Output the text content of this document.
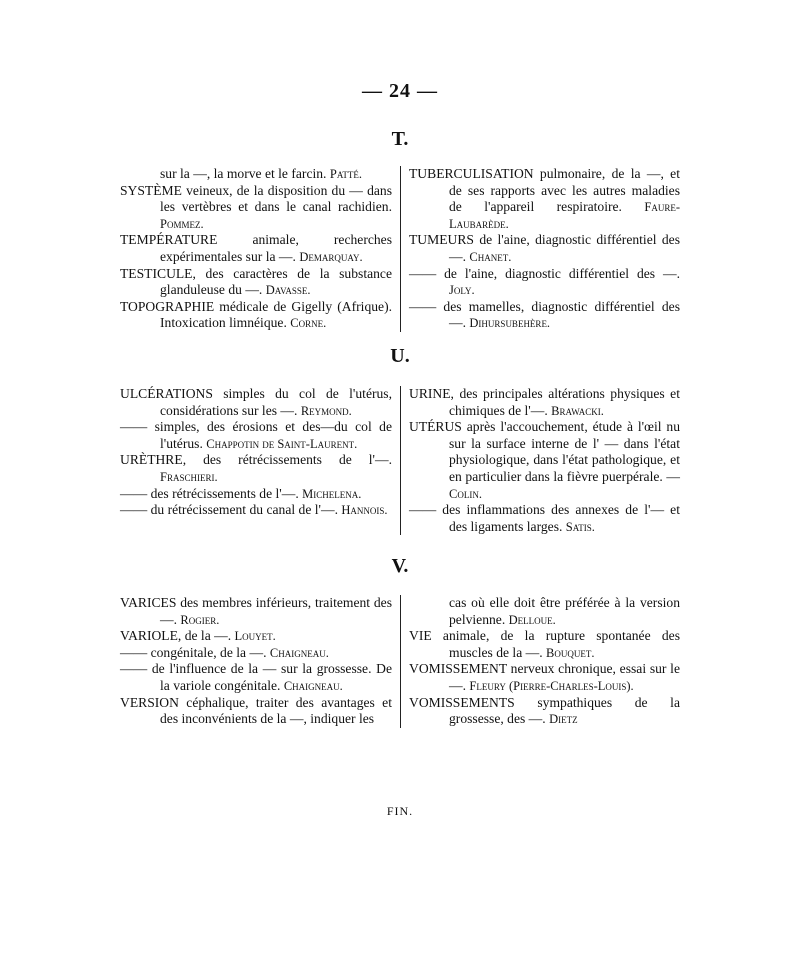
— 24 —
T.
sur la —, la morve et le farcin. Patté.
SYSTÈME veineux, de la disposition du — dans les vertèbres et dans le canal rachidien. Pommez.
TEMPÉRATURE animale, recherches expérimentales sur la —. Demarquay.
TESTICULE, des caractères de la substance glanduleuse du —. Davasse.
TOPOGRAPHIE médicale de Gigelly (Afrique). Intoxication limnéique. Corne.
TUBERCULISATION pulmonaire, de la —, et de ses rapports avec les autres maladies de l'appareil respiratoire. Faure-Laubarède.
TUMEURS de l'aine, diagnostic différentiel des —. Chanet.
—— de l'aine, diagnostic différentiel des —. Joly.
—— des mamelles, diagnostic différentiel des —. Dihursubehère.
U.
ULCÉRATIONS simples du col de l'utérus, considérations sur les —. Reymond.
—— simples, des érosions et des—du col de l'utérus. Chappotin de Saint-Laurent.
URÈTHRE, des rétrécissements de l'—. Fraschieri.
—— des rétrécissements de l'—. Michelena.
—— du rétrécissement du canal de l'—. Hannois.
URINE, des principales altérations physiques et chimiques de l'—. Brawacki.
UTÉRUS après l'accouchement, étude à l'œil nu sur la surface interne de l' — dans l'état physiologique, dans l'état pathologique, et en particulier dans la fièvre puerpérale. — Colin.
—— des inflammations des annexes de l'— et des ligaments larges. Satis.
V.
VARICES des membres inférieurs, traitement des —. Rogier.
VARIOLE, de la —. Louyet.
—— congénitale, de la —. Chaigneau.
—— de l'influence de la — sur la grossesse. De la variole congénitale. Chaigneau.
VERSION céphalique, traiter des avantages et des inconvénients de la —, indiquer les
cas où elle doit être préférée à la version pelvienne. Delloue.
VIE animale, de la rupture spontanée des muscles de la —. Bouquet.
VOMISSEMENT nerveux chronique, essai sur le —. Fleury (Pierre-Charles-Louis).
VOMISSEMENTS sympathiques de la grossesse, des —. Dietz
FIN.
